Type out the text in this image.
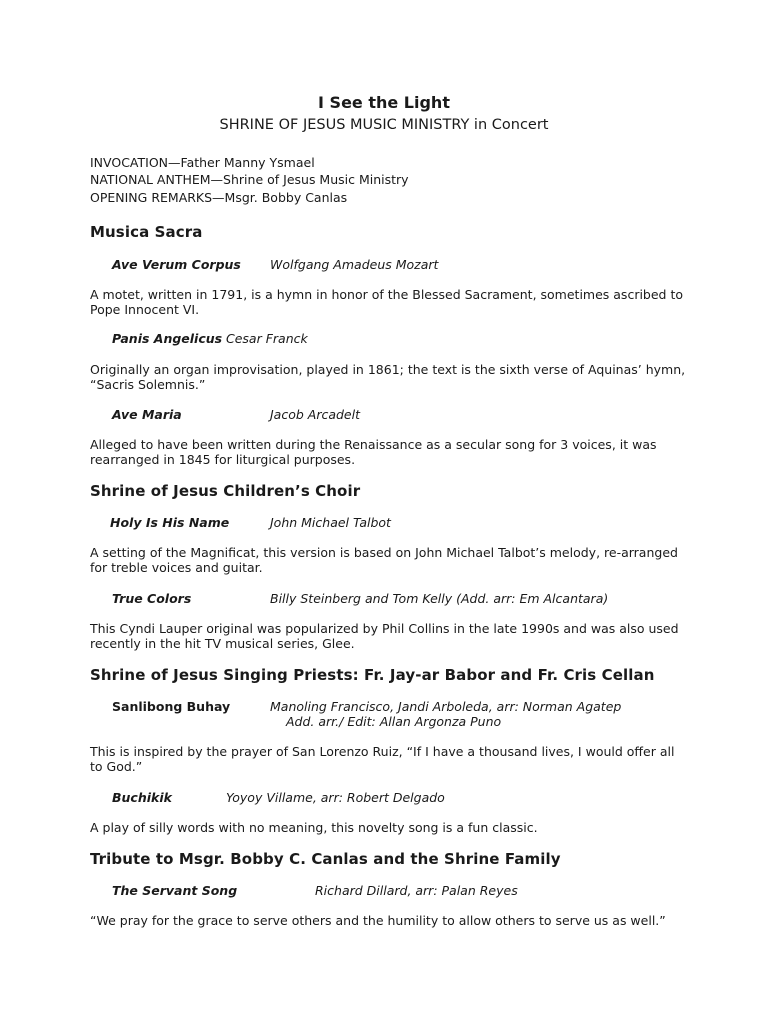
I See the Light
SHRINE OF JESUS MUSIC MINISTRY in Concert
INVOCATION—Father Manny Ysmael
NATIONAL ANTHEM—Shrine of Jesus Music Ministry
OPENING REMARKS—Msgr. Bobby Canlas
Musica Sacra
Ave Verum Corpus Wolfgang Amadeus Mozart
A motet, written in 1791, is a hymn in honor of the Blessed Sacrament, sometimes ascribed to Pope Innocent VI.
Panis Angelicus Cesar Franck
Originally an organ improvisation, played in 1861; the text is the sixth verse of Aquinas’ hymn, “Sacris Solemnis.”
Ave Maria	Jacob Arcadelt
Alleged to have been written during the Renaissance as a secular song for 3 voices, it was rearranged in 1845 for liturgical purposes.
Shrine of Jesus Children’s Choir
Holy Is His Name	John Michael Talbot
A setting of the Magnificat, this version is based on John Michael Talbot’s melody, re-arranged for treble voices and guitar.
True Colors	Billy Steinberg and Tom Kelly (Add. arr: Em Alcantara)
This Cyndi Lauper original was popularized by Phil Collins in the late 1990s and was also used recently in the hit TV musical series, Glee.
Shrine of Jesus Singing Priests: Fr. Jay-ar Babor and Fr. Cris Cellan
Sanlibong Buhay	Manoling Francisco, Jandi Arboleda, arr: Norman Agatep
Add. arr./ Edit: Allan Argonza Puno
This is inspired by the prayer of San Lorenzo Ruiz, “If I have a thousand lives, I would offer all to God.”
Buchikik	Yoyoy Villame, arr: Robert Delgado
A play of silly words with no meaning, this novelty song is a fun classic.
Tribute to Msgr. Bobby C. Canlas and the Shrine Family
The Servant Song	Richard Dillard, arr: Palan Reyes
“We pray for the grace to serve others and the humility to allow others to serve us as well.”
